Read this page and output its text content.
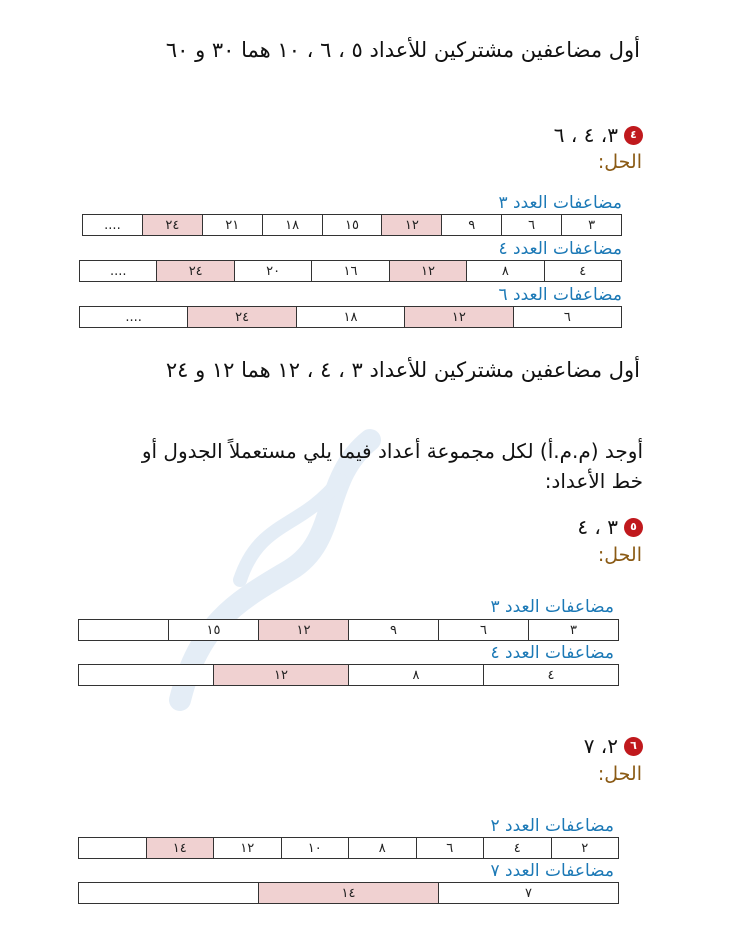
أول مضاعفين مشتركين للأعداد ٥ ، ٦ ، ١٠ هما ٣٠ و ٦٠
٤
٣، ٤ ، ٦
الحل:
مضاعفات العدد ٣
٣
٦
٩
١٢
١٥
١٨
٢١
٢٤
....
مضاعفات العدد ٤
٤
٨
١٢
١٦
٢٠
٢٤
....
مضاعفات العدد ٦
٦
١٢
١٨
٢٤
....
أول مضاعفين مشتركين للأعداد ٣ ، ٤ ، ١٢ هما ١٢ و ٢٤
أوجد (م.م.أ) لكل مجموعة أعداد فيما يلي مستعملاً الجدول أو خط الأعداد:
٥
٣ ، ٤
الحل:
مضاعفات العدد ٣
٣
٦
٩
١٢
١٥
مضاعفات العدد ٤
٤
٨
١٢
٦
٢، ٧
الحل:
مضاعفات العدد ٢
٢
٤
٦
٨
١٠
١٢
١٤
مضاعفات العدد ٧
٧
١٤
